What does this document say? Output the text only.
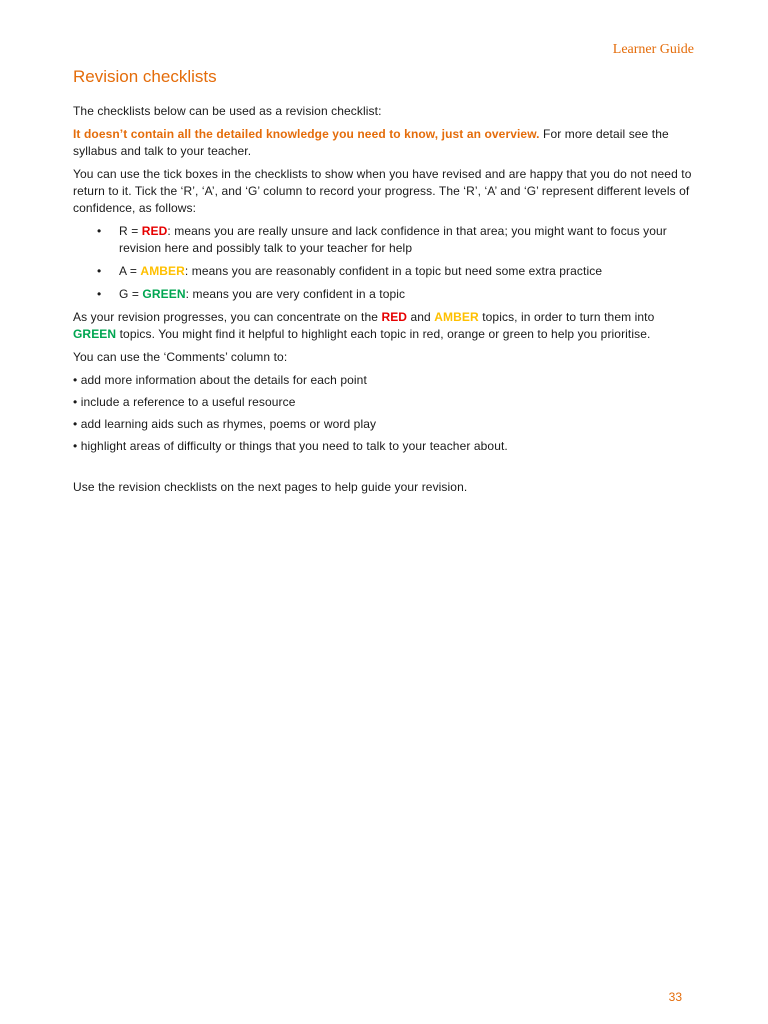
Learner Guide
Revision checklists

The checklists below can be used as a revision checklist:

It doesn’t contain all the detailed knowledge you need to know, just an overview. For more detail see the syllabus and talk to your teacher.

You can use the tick boxes in the checklists to show when you have revised and are happy that you do not need to return to it. Tick the ‘R’, ‘A’, and ‘G’ column to record your progress. The ‘R’, ‘A’ and ‘G’ represent different levels of confidence, as follows:

• R = RED: means you are really unsure and lack confidence in that area; you might want to focus your revision here and possibly talk to your teacher for help
• A = AMBER: means you are reasonably confident in a topic but need some extra practice
• G = GREEN: means you are very confident in a topic

As your revision progresses, you can concentrate on the RED and AMBER topics, in order to turn them into GREEN topics. You might find it helpful to highlight each topic in red, orange or green to help you prioritise.

You can use the ‘Comments’ column to:

• add more information about the details for each point
• include a reference to a useful resource
• add learning aids such as rhymes, poems or word play
• highlight areas of difficulty or things that you need to talk to your teacher about.

Use the revision checklists on the next pages to help guide your revision.

33
